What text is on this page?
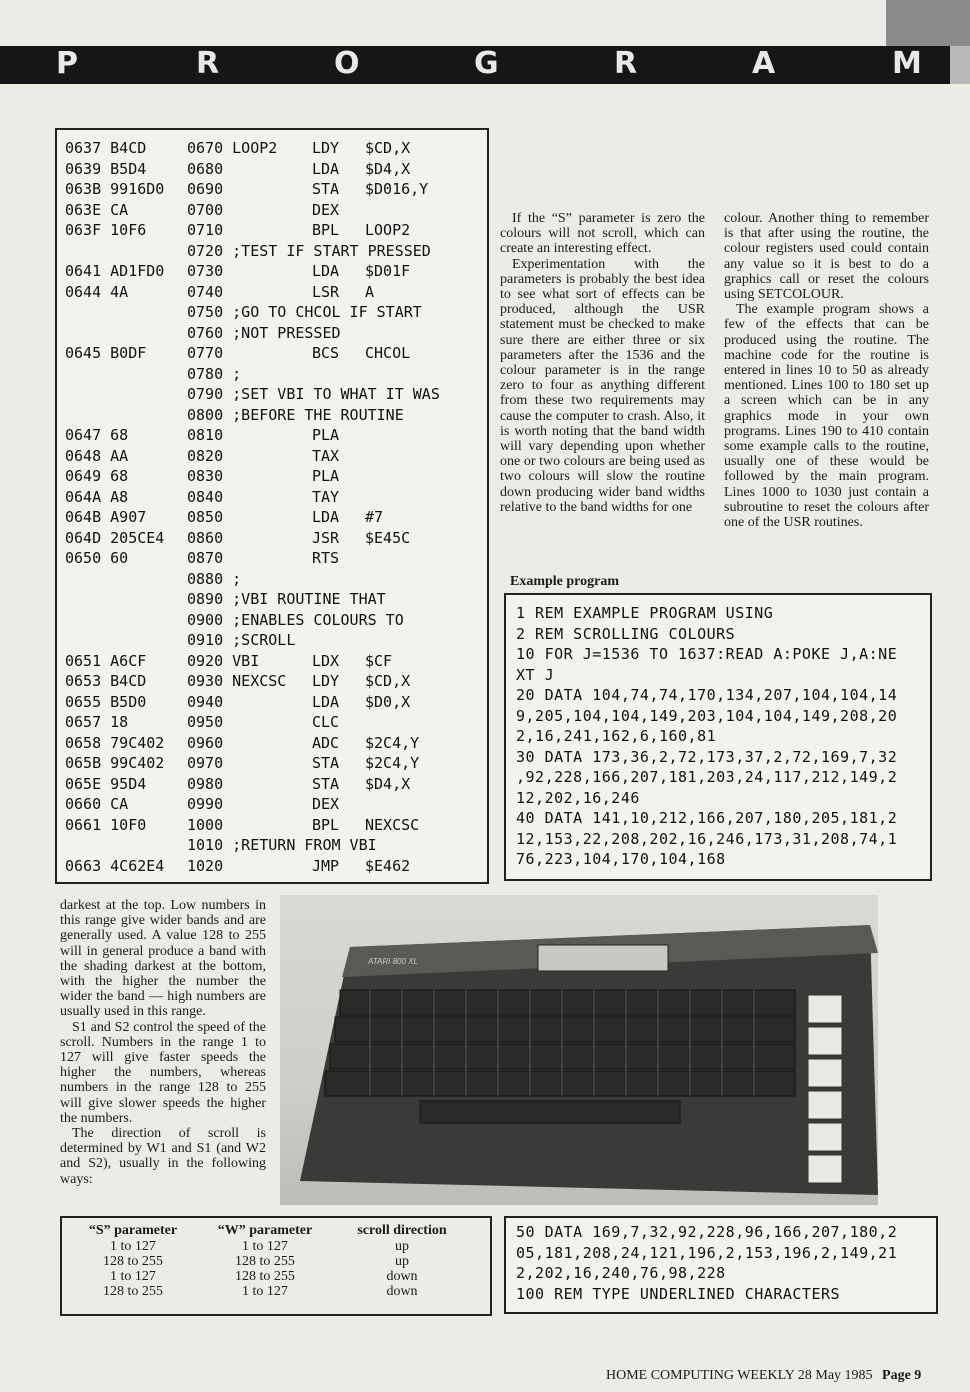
P	R	O	G	R	A	M
0637 B4CD	0670 LOOP2 LDY $CD,X
0639 B5D4	0680	LDA $D4,X
063B 9916D0 0690	STA $D016,Y
063E CA	0700	DEX
063F 10F6	0710	BPL LOOP2
0720 ;TEST IF START PRESSED
0641 AD1FD0 0730	LDA $D01F
0644 4A	0740	LSR A
0750 ;GO TO CHCOL IF START
0760 ;NOT PRESSED
0645 B0DF	0770	BCS CHCOL
0780 ;
0790 ;SET VBI TO WHAT IT WAS
0800 ;BEFORE THE ROUTINE
0647 68	0810	PLA
0648 AA	0820	TAX
0649 68	0830	PLA
064A A8	0840	TAY
064B A907	0850	LDA #7
064D 205CE4 0860	JSR $E45C
0650 60	0870	RTS
0880 ;
0890 ;VBI ROUTINE THAT
0900 ;ENABLES COLOURS TO
0910 ;SCROLL
0651 A6CF	0920 VBI	LDX $CF
0653 B4CD	0930 NEXCSC LDY $CD,X
0655 B5D0	0940	LDA $D0,X
0657 18	0950	CLC
0658 79C402 0960	ADC $2C4,Y
065B 99C402 0970	STA $2C4,Y
065E 95D4	0980	STA $D4,X
0660 CA	0990	DEX
0661 10F0	1000	BPL NEXCSC
1010 ;RETURN FROM VBI
0663 4C62E4 1020	JMP $E462

If the “S” parameter is zero the colours will not scroll, which can create an interesting effect.

Experimentation with the parameters is probably the best idea to see what sort of effects can be produced, although the USR statement must be checked to make sure there are either three or six parameters after the 1536 and the colour parameter is in the range zero to four as anything different from these two requirements may cause the computer to crash. Also, it is worth noting that the band width will vary depending upon whether one or two colours are being used as two colours will slow the routine down producing wider band widths relative to the band widths for one

colour. Another thing to remember is that after using the routine, the colour registers used could contain any value so it is best to do a graphics call or reset the colours using SETCOLOUR.

The example program shows a few of the effects that can be produced using the routine. The machine code for the routine is entered in lines 10 to 50 as already mentioned. Lines 100 to 180 set up a screen which can be in any graphics mode in your own programs. Lines 190 to 410 contain some example calls to the routine, usually one of these would be followed by the main program. Lines 1000 to 1030 just contain a subroutine to reset the colours after one of the USR routines.

Example program
1 REM EXAMPLE PROGRAM USING
2 REM SCROLLING COLOURS
10 FOR J=1536 TO 1637:READ A:POKE J,A:NE
XT J
20 DATA 104,74,74,170,134,207,104,104,14
9,205,104,104,149,203,104,104,149,208,20
2,16,241,162,6,160,81
30 DATA 173,36,2,72,173,37,2,72,169,7,32
,92,228,166,207,181,203,24,117,212,149,2
12,202,16,246
40 DATA 141,10,212,166,207,180,205,181,2
12,153,22,208,202,16,246,173,31,208,74,1
76,223,104,170,104,168

darkest at the top. Low numbers in this range give wider bands and are generally used. A value 128 to 255 will in general produce a band with the shading darkest at the bottom, with the higher the number the wider the band — high numbers are usually used in this range.

S1 and S2 control the speed of the scroll. Numbers in the range 1 to 127 will give faster speeds the higher the numbers, whereas numbers in the range 128 to 255 will give slower speeds the higher the numbers.

The direction of scroll is determined by W1 and S1 (and W2 and S2), usually in the following ways:

ATARI 800 XL
“S” parameter	“W” parameter	scroll direction
1 to 127	1 to 127	up
128 to 255	128 to 255	up
1 to 127	128 to 255	down
128 to 255	1 to 127	down
50 DATA 169,7,32,92,228,96,166,207,180,2
05,181,208,24,121,196,2,153,196,2,149,21
2,202,16,240,76,98,228
100 REM TYPE UNDERLINED CHARACTERS
HOME COMPUTING WEEKLY 28 May 1985 Page 9
